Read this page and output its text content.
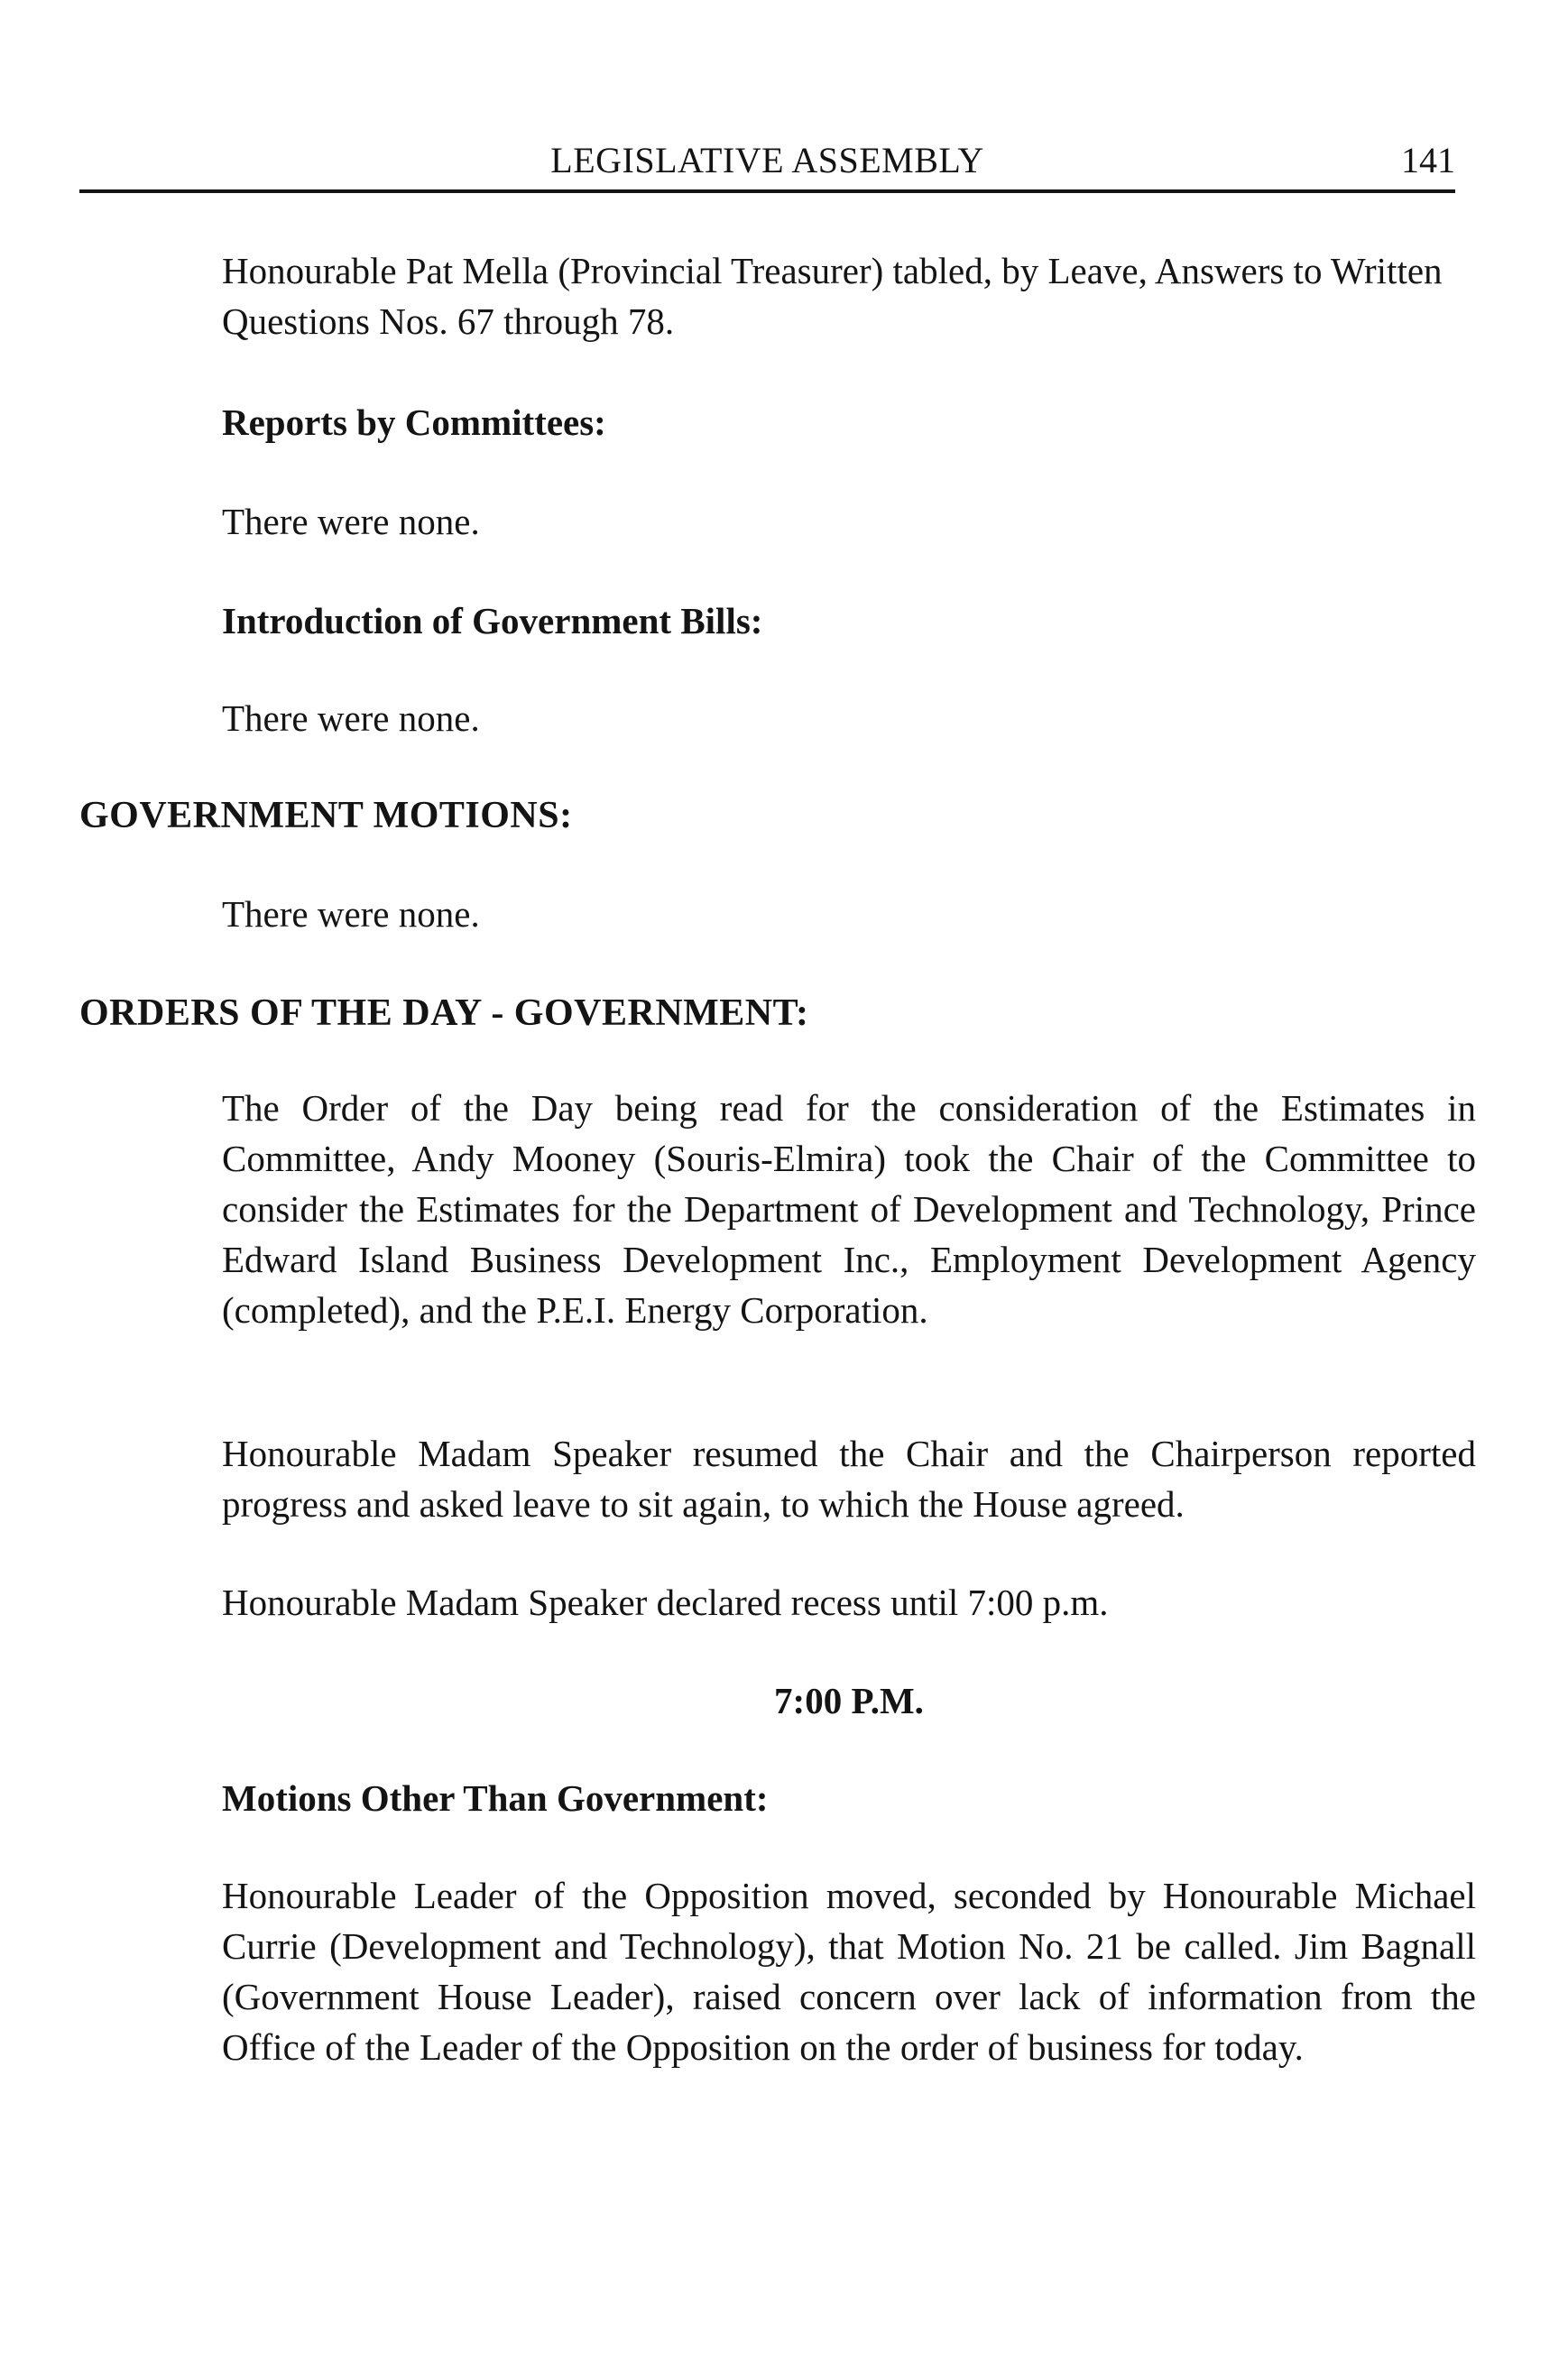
LEGISLATIVE ASSEMBLY	141

Honourable Pat Mella (Provincial Treasurer) tabled, by Leave, Answers to Written Questions Nos. 67 through 78.

Reports by Committees:
There were none.
Introduction of Government Bills:
There were none.
GOVERNMENT MOTIONS:
There were none.
ORDERS OF THE DAY - GOVERNMENT:

The Order of the Day being read for the consideration of the Estimates in Committee, Andy Mooney (Souris-Elmira) took the Chair of the Committee to consider the Estimates for the Department of Development and Technology, Prince Edward Island Business Development Inc., Employment Development Agency (completed), and the P.E.I. Energy Corporation.

Honourable Madam Speaker resumed the Chair and the Chairperson reported progress and asked leave to sit again, to which the House agreed.

Honourable Madam Speaker declared recess until 7:00 p.m.

7:00 P.M.
Motions Other Than Government:

Honourable Leader of the Opposition moved, seconded by Honourable Michael Currie (Development and Technology), that Motion No. 21 be called. Jim Bagnall (Government House Leader), raised concern over lack of information from the Office of the Leader of the Opposition on the order of business for today.
